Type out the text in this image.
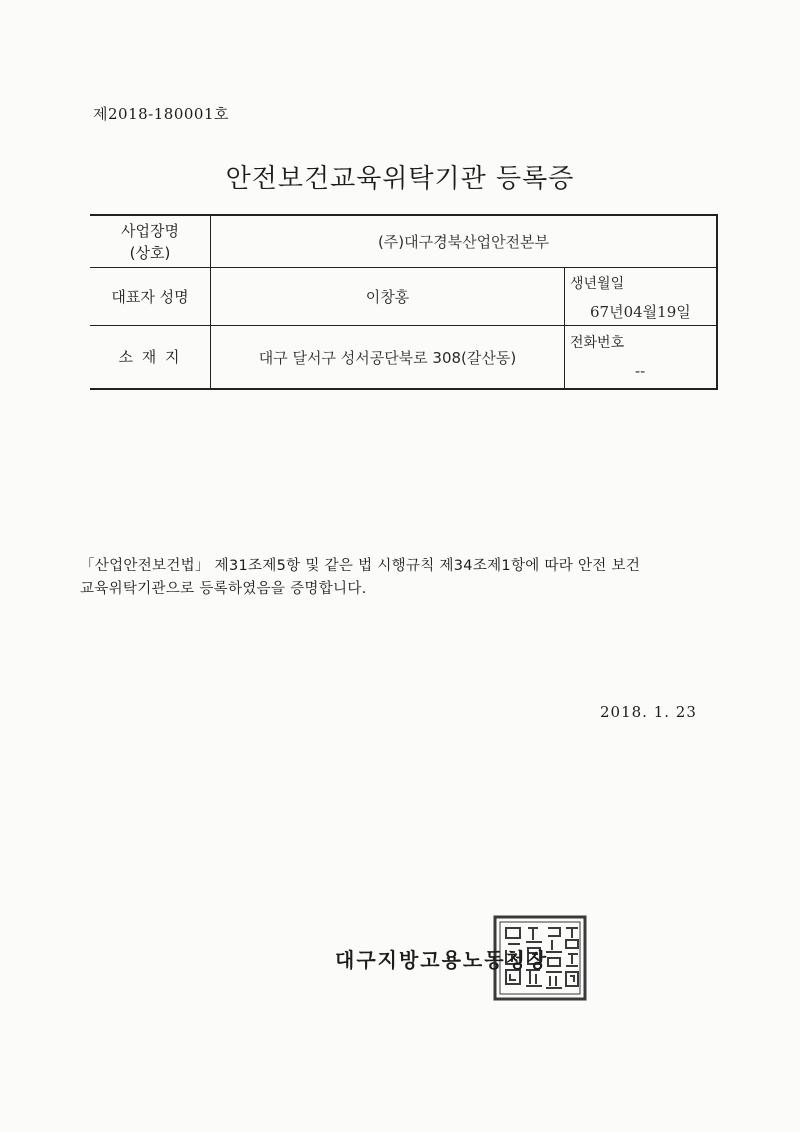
제2018-180001호
안전보건교육위탁기관 등록증
사업장명
(상호)
(주)대구경북산업안전본부
대표자 성명	이창홍
생년월일
67년04월19일
소 재 지	대구 달서구 성서공단북로 308(갈산동)
전화번호
--
「산업안전보건법」 제31조제5항 및 같은 법 시행규칙 제34조제1항에 따라 안전 보건
교육위탁기관으로 등록하였음을 증명합니다.
2018. 1. 23
대구지방고용노동청장
